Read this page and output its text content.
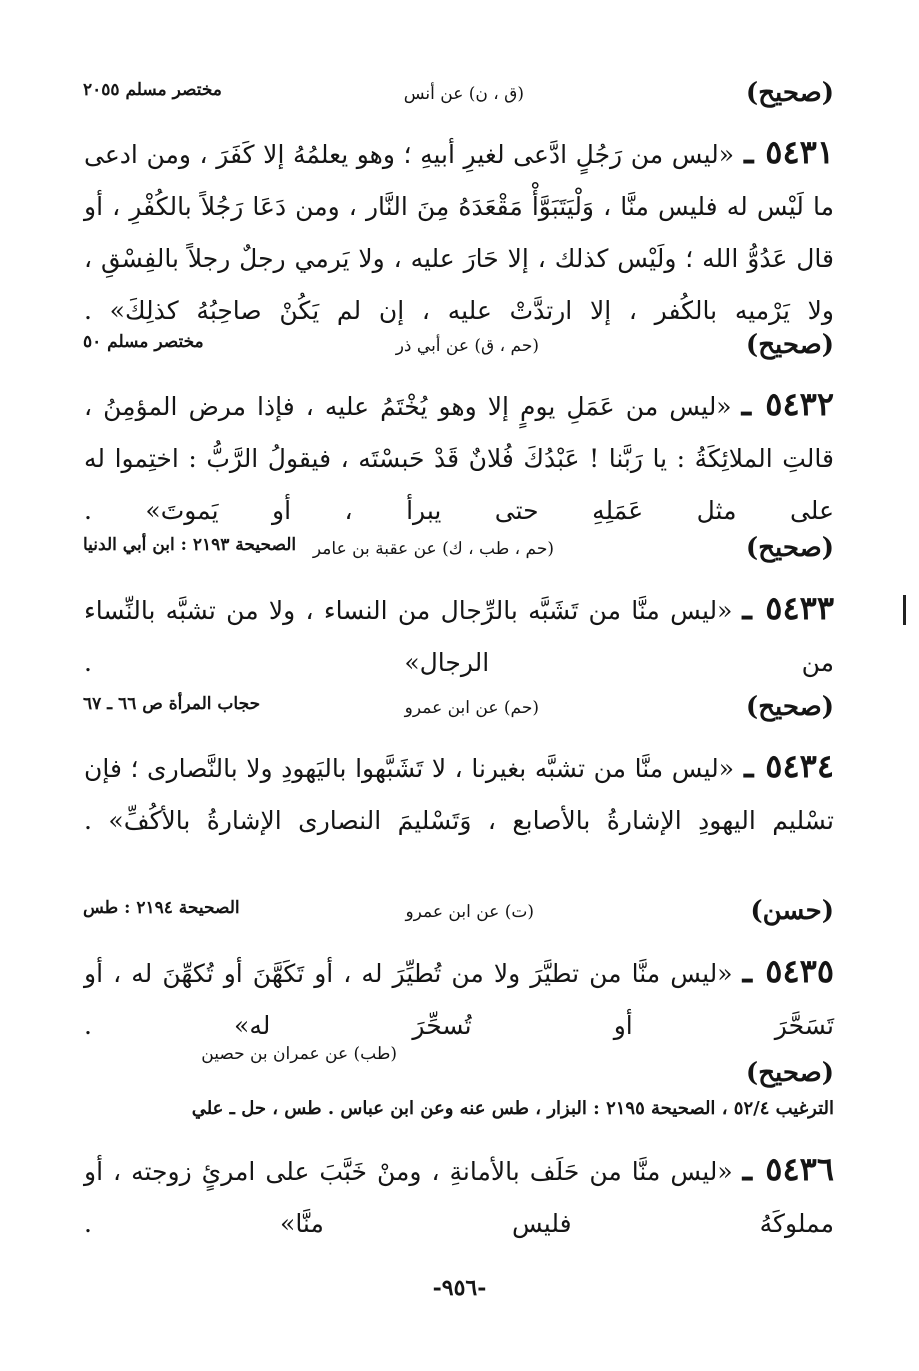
(صحيح)
(ق ، ن) عن أنس
مختصر مسلم ٢٠٥٥
٥٤٣١ ـ«ليس من رَجُلٍ ادَّعى لغيرِ أبيهِ ؛ وهو يعلمُهُ إلا كَفَرَ ، ومن ادعى ما لَيْس له فليس منَّا ، وَلْيَتَبَوَّأْ مَقْعَدَهُ مِنَ النَّار ، ومن دَعَا رَجُلاً بالكُفْرِ ، أو قال عَدُوُّ الله ؛ ولَيْس كذلك ، إلا حَارَ عليه ، ولا يَرمي رجلٌ رجلاً بالفِسْقِ ، ولا يَرْميه بالكُفر ، إلا ارتدَّتْ عليه ، إن لم يَكُنْ صاحِبُهُ كذلِكَ» .
(صحيح)
(حم ، ق) عن أبي ذر
مختصر مسلم ٥٠
٥٤٣٢ ـ«ليس من عَمَلِ يومٍ إلا وهو يُخْتَمُ عليه ، فإذا مرض المؤمِنُ ، قالتِ الملائِكَةُ : يا رَبَّنا ! عَبْدُكَ فُلانٌ قَدْ حَبسْتَه ، فيقولُ الرَّبُّ : اختِموا له على مثل عَمَلِهِ حتى يبرأ ، أو يَموتَ» .
(صحيح)
(حم ، طب ، ك) عن عقبة بن عامر
الصحيحة ٢١٩٣ : ابن أبي الدنيا
٥٤٣٣ ـ«ليس منَّا من تَشَبَّه بالرِّجال من النساء ، ولا من تشبَّه بالنِّساء من الرجال» .
(صحيح)
(حم) عن ابن عمرو
حجاب المرأة ص ٦٦ ـ ٦٧
٥٤٣٤ ـ«ليس منَّا من تشبَّه بغيرنا ، لا تَشَبَّهوا باليَهودِ ولا بالنَّصارى ؛ فإن تسْليم اليهودِ الإشارةُ بالأصابع ، وَتَسْليمَ النصارى الإشارةُ بالأكُفِّ» .
(حسن)
(ت) عن ابن عمرو
الصحيحة ٢١٩٤ : طس
٥٤٣٥ ـ«ليس منَّا من تطيَّرَ ولا من تُطيِّرَ له ، أو تَكَهَّنَ أو تُكهِّنَ له ، أو تَسَحَّرَ أو تُسحِّرَ له» .
(صحيح)
(طب) عن عمران بن حصين
الترغيب ٥٢/٤ ، الصحيحة ٢١٩٥ : البزار ، طس عنه وعن ابن عباس . طس ، حل ـ علي
٥٤٣٦ ـ«ليس منَّا من حَلَف بالأمانةِ ، ومنْ خَبَّبَ على امرئٍ زوجته ، أو مملوكَهُ فليس منَّا» .
-٩٥٦-
